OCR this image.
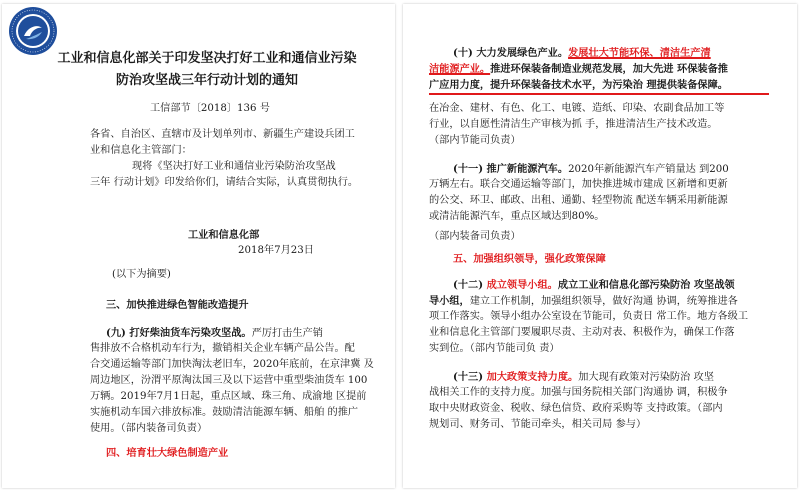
工业和信息化部关于印发坚决打好工业和通信业污染
防治攻坚战三年行动计划的通知
工信部节〔2018〕136 号
各省、自治区、直辖市及计划单列市、新疆生产建设兵团工
业和信息化主管部门：
现将《坚决打好工业和通信业污染防治攻坚战
三年 行动计划》印发给你们，请结合实际，认真贯彻执行。
工业和信息化部
2018年7月23日
(以下为摘要)
三、加快推进绿色智能改造提升
(九) 打好柴油货车污染攻坚战。严厉打击生产销
售排放不合格机动车行为，撤销相关企业车辆产品公告。配
合交通运输等部门加快淘汰老旧车，2020年底前，在京津冀 及
周边地区，汾渭平原淘汰国三及以下运营中重型柴油货车 100
万辆。2019年7月1日起，重点区域、珠三角、成渝地 区提前
实施机动车国六排放标准。鼓励清洁能源车辆、船舶 的推广
使用。（部内装备司负责）
四、培育壮大绿色制造产业
(十) 大力发展绿色产业。发展壮大节能环保、清洁生产清
洁能源产业。推进环保装备制造业规范发展，加大先进 环保装备推
广应用力度，提升环保装备技术水平，为污染治 理提供装备保障。
在冶金、建材、有色、化工、电镀、造纸、印染、农副食品加工等
行业，以自愿性清洁生产审核为抓 手，推进清洁生产技术改造。
（部内节能司负责）
(十一) 推广新能源汽车。2020年新能源汽车产销量达 到200
万辆左右。联合交通运输等部门，加快推进城市建成 区新增和更新
的公交、环卫、邮政、出租、通勤、轻型物流 配送车辆采用新能源
或清洁能源汽车，重点区域达到80%。
（部内装备司负责）
五、加强组织领导，强化政策保障
(十二) 成立领导小组。成立工业和信息化部污染防治 攻坚战领
导小组，建立工作机制，加强组织领导，做好沟通 协调，统筹推进各
项工作落实。领导小组办公室设在节能司，负责日 常工作。地方各级工
业和信息化主管部门要履职尽责、主动对表、积极作为，确保工作落
实到位。（部内节能司负 责）
(十三) 加大政策支持力度。加大现有政策对污染防治 攻坚
战相关工作的支持力度。加强与国务院相关部门沟通协 调，积极争
取中央财政资金、税收、绿色信贷、政府采购等 支持政策。（部内
规划司、财务司、节能司牵头，相关司局 参与）
